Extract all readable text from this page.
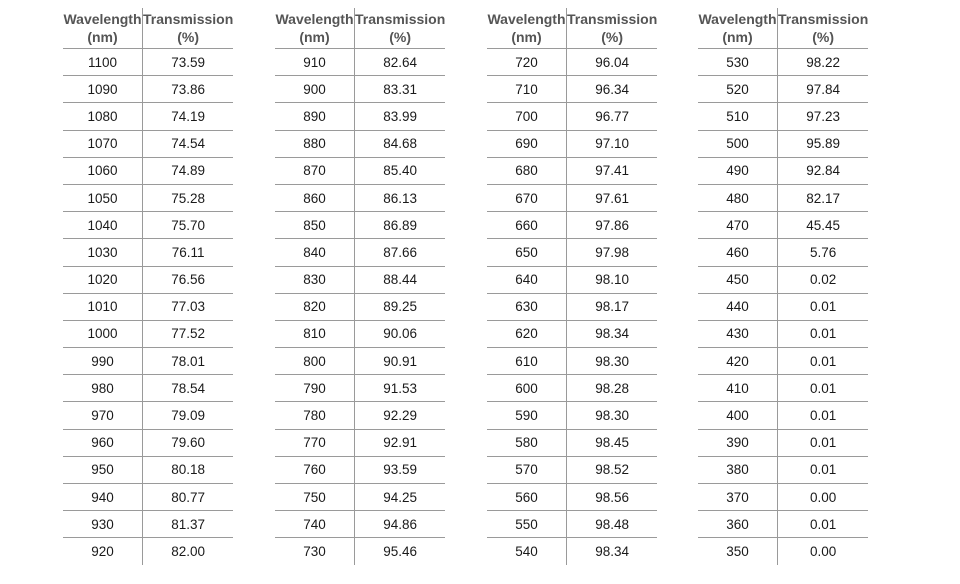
Wavelength
(nm)	Transmission
(%)

1100	73.59
1090	73.86
1080	74.19
1070	74.54
1060	74.89
1050	75.28
1040	75.70
1030	76.11
1020	76.56
1010	77.03
1000	77.52
990	78.01
980	78.54
970	79.09
960	79.60
950	80.18
940	80.77
930	81.37
920	82.00
Wavelength
(nm)	Transmission
(%)

910	82.64
900	83.31
890	83.99
880	84.68
870	85.40
860	86.13
850	86.89
840	87.66
830	88.44
820	89.25
810	90.06
800	90.91
790	91.53
780	92.29
770	92.91
760	93.59
750	94.25
740	94.86
730	95.46
Wavelength
(nm)	Transmission
(%)

720	96.04
710	96.34
700	96.77
690	97.10
680	97.41
670	97.61
660	97.86
650	97.98
640	98.10
630	98.17
620	98.34
610	98.30
600	98.28
590	98.30
580	98.45
570	98.52
560	98.56
550	98.48
540	98.34
Wavelength
(nm)	Transmission
(%)

530	98.22
520	97.84
510	97.23
500	95.89
490	92.84
480	82.17
470	45.45
460	5.76
450	0.02
440	0.01
430	0.01
420	0.01
410	0.01
400	0.01
390	0.01
380	0.01
370	0.00
360	0.01
350	0.00
